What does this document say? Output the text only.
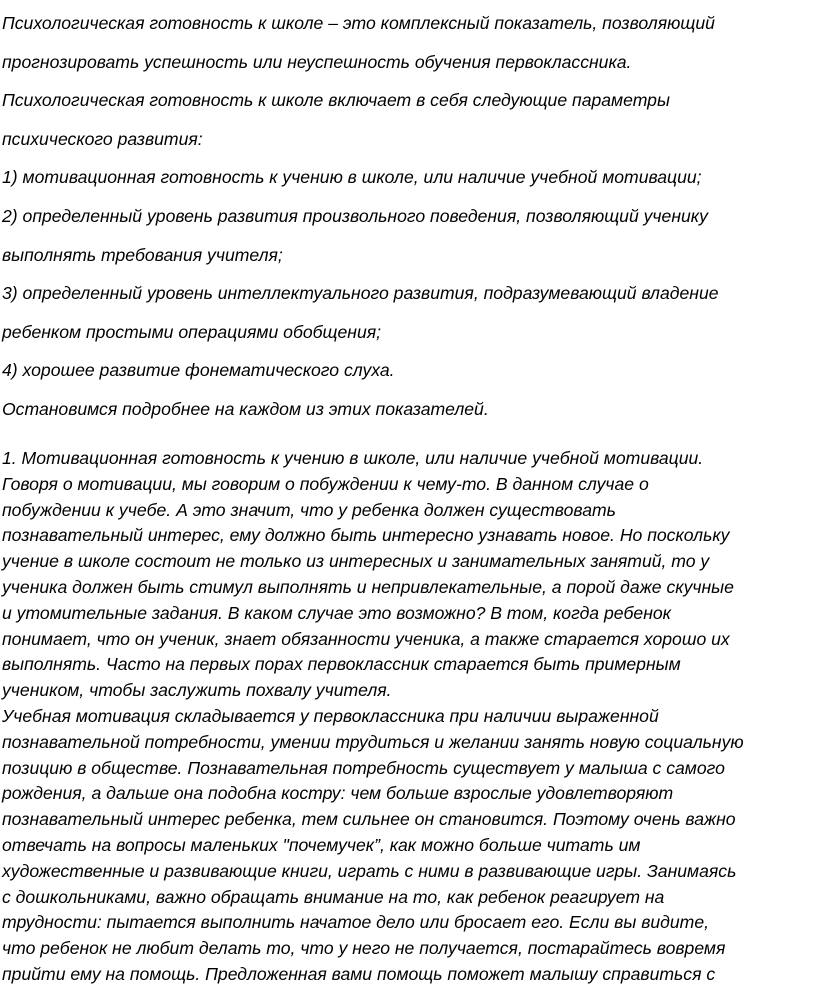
Психологическая готовность к школе – это комплексный показатель, позволяющий
прогнозировать успешность или неуспешность обучения первоклассника.
Психологическая готовность к школе включает в себя следующие параметры
психического развития:
1) мотивационная готовность к учению в школе, или наличие учебной мотивации;
2) определенный уровень развития произвольного поведения, позволяющий ученику
выполнять требования учителя;
3) определенный уровень интеллектуального развития, подразумевающий владение
ребенком простыми операциями обобщения;
4) хорошее развитие фонематического слуха.
Остановимся подробнее на каждом из этих показателей.
1. Мотивационная готовность к учению в школе, или наличие учебной мотивации.
Говоря о мотивации, мы говорим о побуждении к чему-то. В данном случае о
побуждении к учебе. А это значит, что у ребенка должен существовать
познавательный интерес, ему должно быть интересно узнавать новое. Но поскольку
учение в школе состоит не только из интересных и занимательных занятий, то у
ученика должен быть стимул выполнять и непривлекательные, а порой даже скучные
и утомительные задания. В каком случае это возможно? В том, когда ребенок
понимает, что он ученик, знает обязанности ученика, а также старается хорошо их
выполнять. Часто на первых порах первоклассник старается быть примерным
учеником, чтобы заслужить похвалу учителя.
Учебная мотивация складывается у первоклассника при наличии выраженной
познавательной потребности, умении трудиться и желании занять новую социальную
позицию в обществе. Познавательная потребность существует у малыша с самого
рождения, а дальше она подобна костру: чем больше взрослые удовлетворяют
познавательный интерес ребенка, тем сильнее он становится. Поэтому очень важно
отвечать на вопросы маленьких "почемучек”, как можно больше читать им
художественные и развивающие книги, играть с ними в развивающие игры. Занимаясь
с дошкольниками, важно обращать внимание на то, как ребенок реагирует на
трудности: пытается выполнить начатое дело или бросает его. Если вы видите,
что ребенок не любит делать то, что у него не получается, постарайтесь вовремя
прийти ему на помощь. Предложенная вами помощь поможет малышу справиться с
